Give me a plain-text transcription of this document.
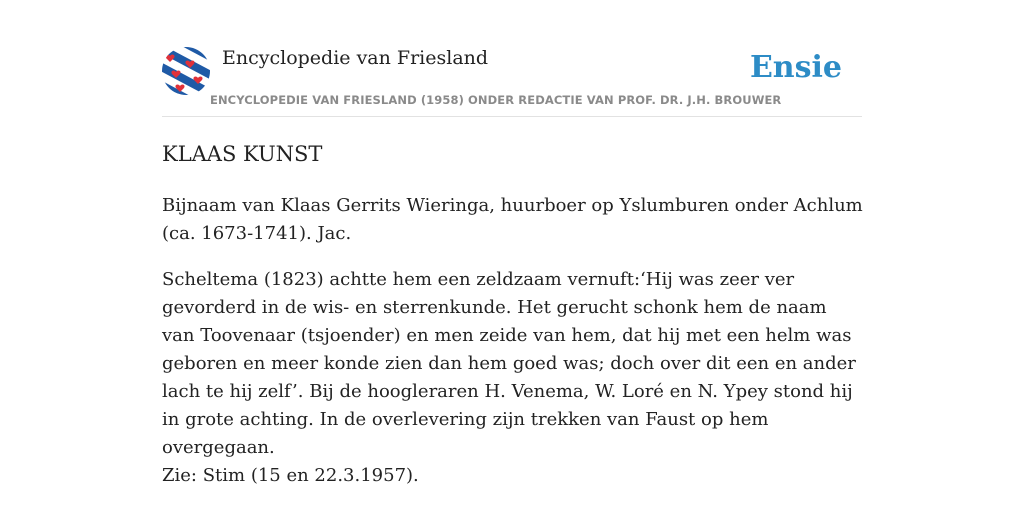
Encyclopedie van Friesland
ENCYCLOPEDIE VAN FRIESLAND (1958) ONDER REDACTIE VAN PROF. DR. J.H. BROUWER
Ensie
KLAAS KUNST

Bijnaam van Klaas Gerrits Wieringa, huurboer op Yslumburen onder Achlum (ca. 1673-1741). Jac.

Scheltema (1823) achtte hem een zeldzaam vernuft:‘Hij was zeer ver gevorderd in de wis- en sterrenkunde. Het gerucht schonk hem de naam van Toovenaar (tsjoender) en men zeide van hem, dat hij met een helm was geboren en meer konde zien dan hem goed was; doch over dit een en ander lach te hij zelf’. Bij de hoogleraren H. Venema, W. Loré en N. Ypey stond hij in grote achting. In de overlevering zijn trekken van Faust op hem overgegaan.

Zie: Stim (15 en 22.3.1957).
